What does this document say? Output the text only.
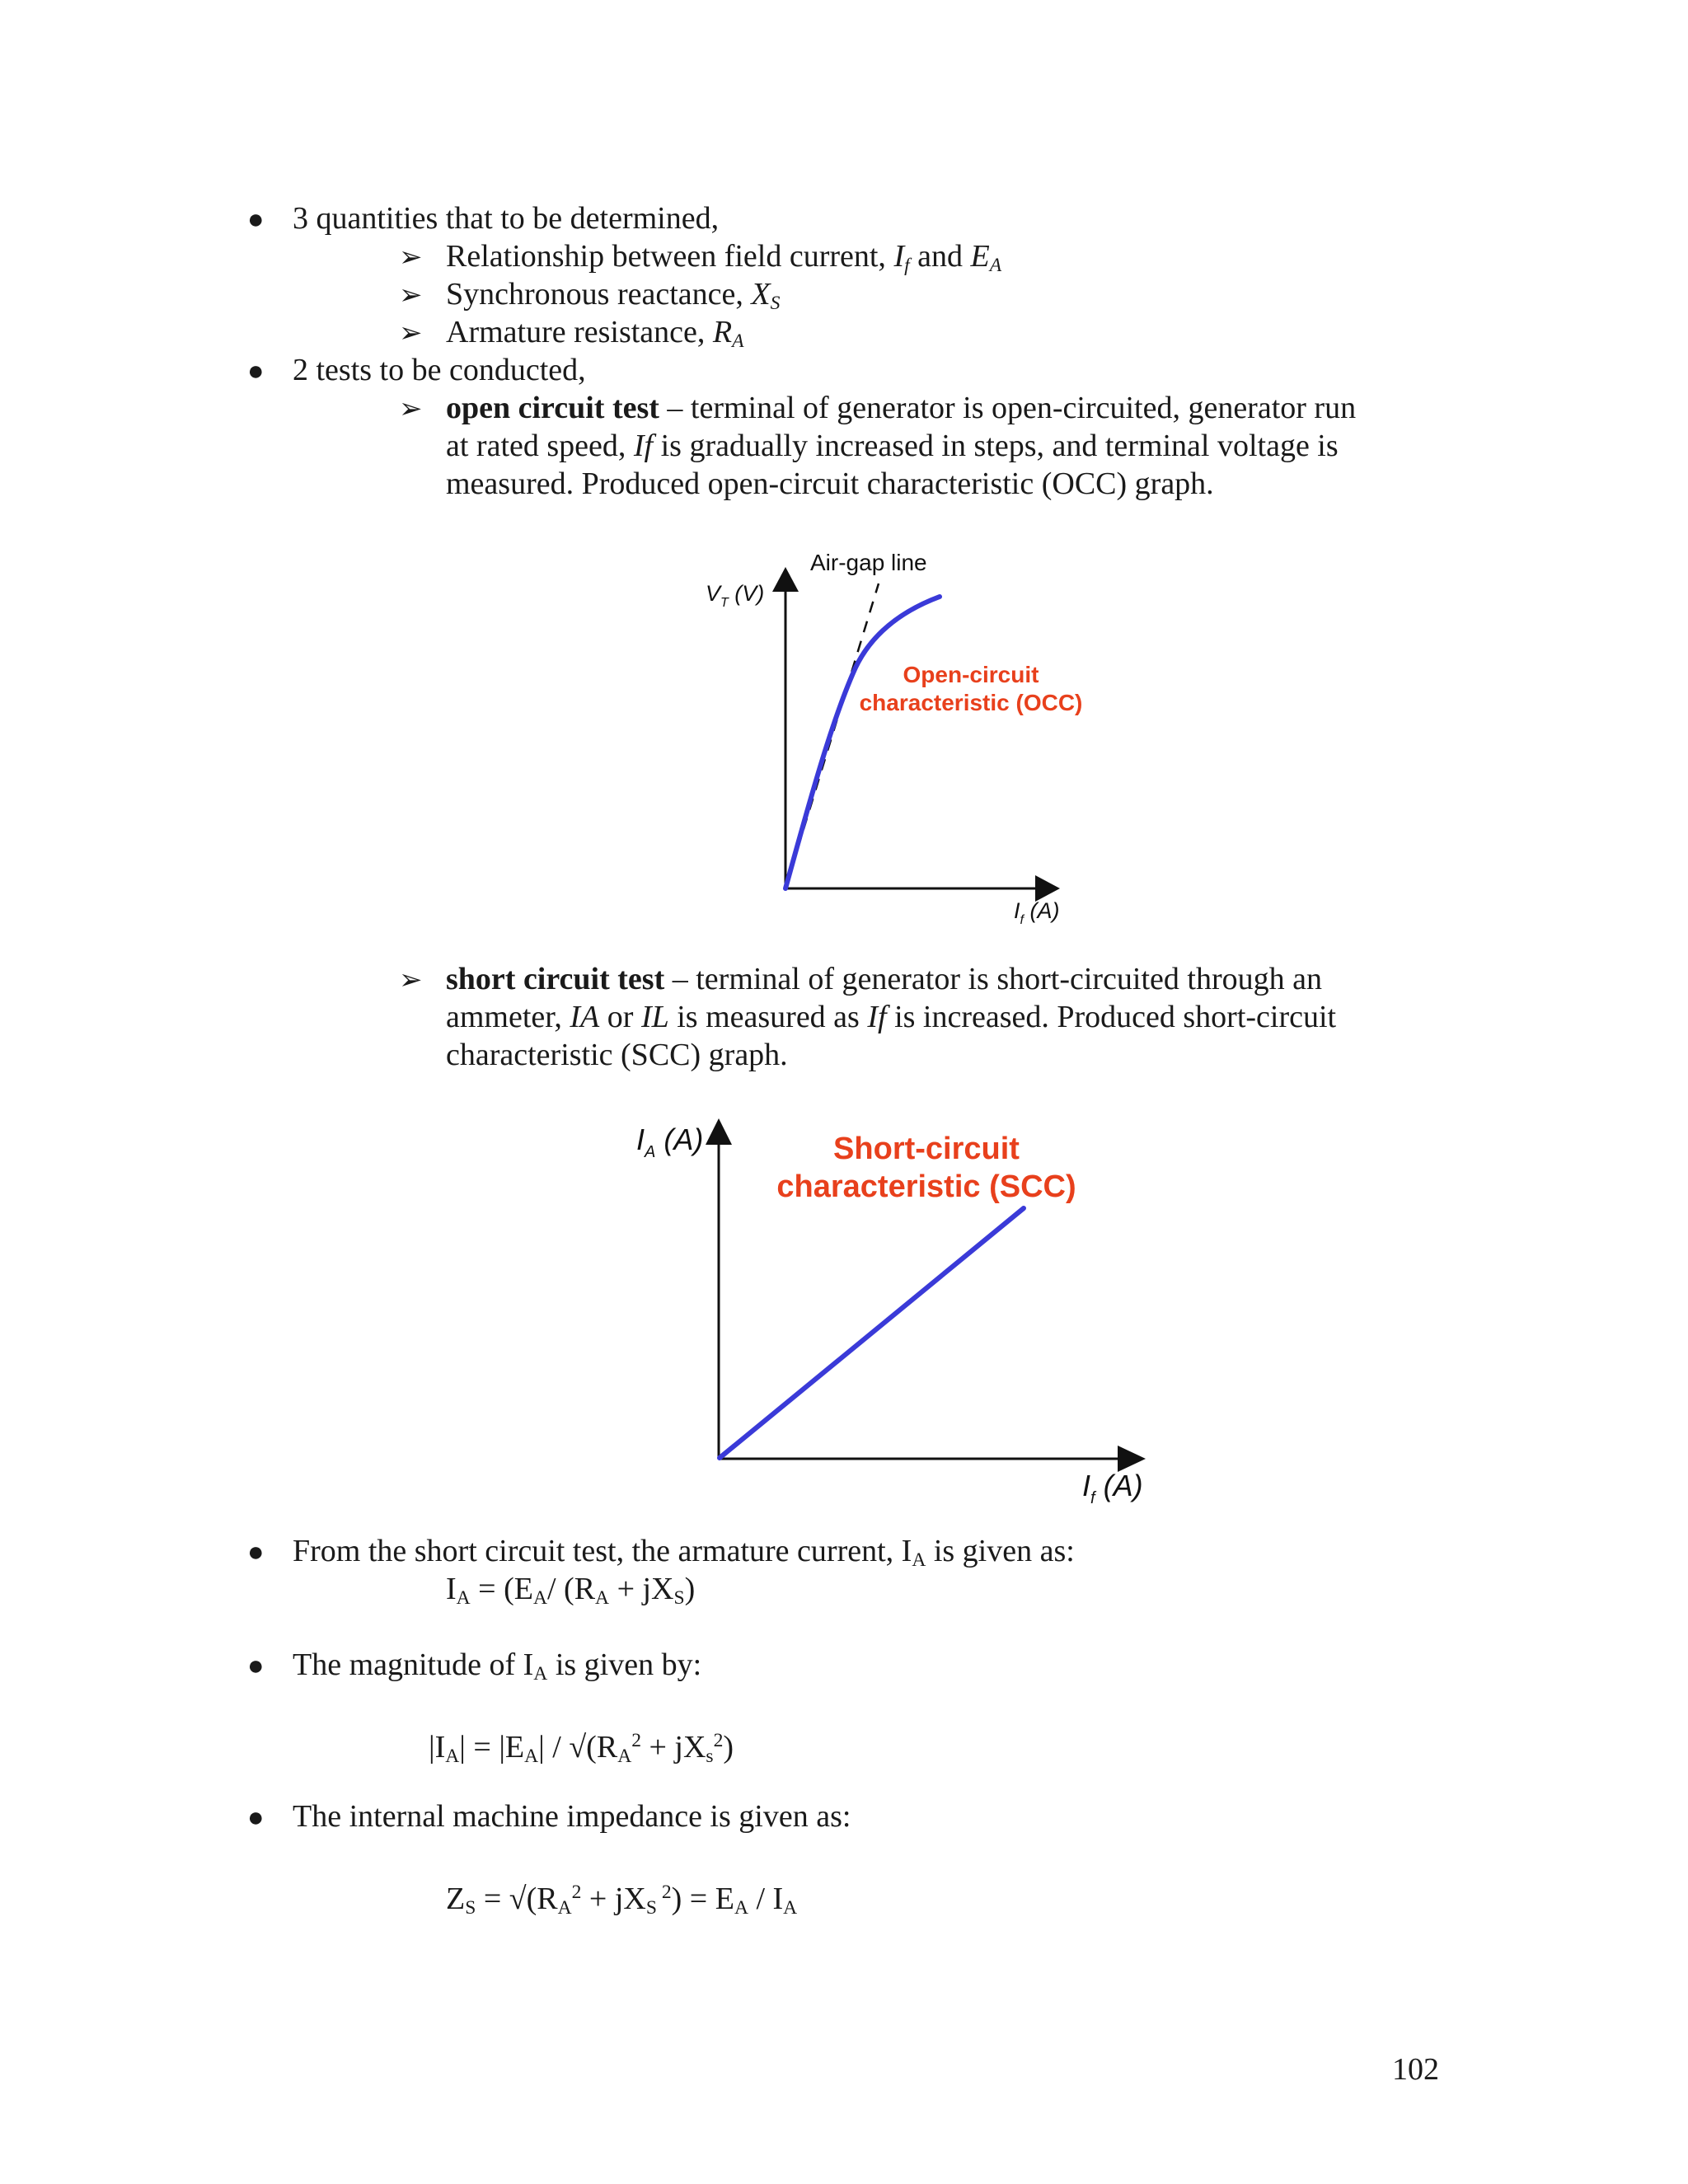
● 3 quantities that to be determined,
➢ Relationship between field current, $I_f$ and $E_A$
➢ Synchronous reactance, $X_S$
➢ Armature resistance, $R_A$
● 2 tests to be conducted,
➢ open circuit test – terminal of generator is open-circuited, generator run
at rated speed, If is gradually increased in steps, and terminal voltage is
measured. Produced open-circuit characteristic (OCC) graph.
Air-gap line
$V_T$ (V)
Open-circuit
characteristic (OCC)
$I_f$ (A)
➢ short circuit test – terminal of generator is short-circuited through an
ammeter, IA or IL is measured as If is increased. Produced short-circuit
characteristic (SCC) graph.
$I_A$ (A)	Short-circuit
characteristic (SCC)
$I_f$ (A)
● From the short circuit test, the armature current, $I_A$ is given as:
$I_A = (E_A/$ $(R_A + jX_S)$
● The magnitude of $I_A$ is given by:
$|I_A| = |E_A| / √(R_A^2 + jX_s^2)$
● The internal machine impedance is given as:
$Z_S = √(R_A^2 + jX_S$ $^2) = E_A / I_A$
102
